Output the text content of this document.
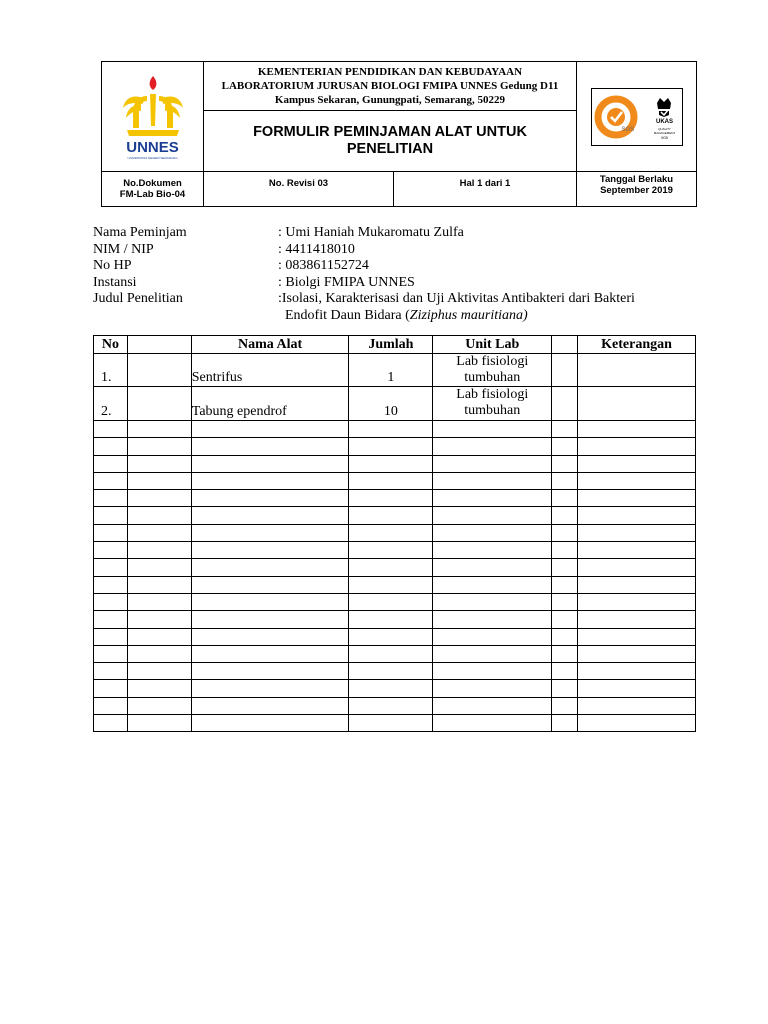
UNNES
UNIVERSITAS NEGERI SEMARANG
KEMENTERIAN PENDIDIKAN DAN KEBUDAYAAN
LABORATORIUM JURUSAN BIOLOGI FMIPA UNNES Gedung D11
Kampus Sekaran, Gunungpati, Semarang, 50229
FORMULIR PEMINJAMAN ALAT UNTUK
PENELITIAN
SGS
UKAS
QUALITY MANAGEMENT
005
No.Dokumen
FM-Lab Bio-04
No. Revisi 03	Hal 1 dari 1	Tanggal Berlaku
September 2019
Nama Peminjam	: Umi Haniah Mukaromatu Zulfa
NIM / NIP	: 4411418010
No HP	: 083861152724
Instansi	: Biolgi FMIPA UNNES
Judul Penelitian	:Isolasi, Karakterisasi dan Uji Aktivitas Antibakteri dari Bakteri
Endofit Daun Bidara (Ziziphus mauritiana)
No		Nama Alat	Jumlah	Unit Lab		Keterangan
1.		Sentrifus	1	Lab fisiologi
tumbuhan		

2.		Tabung ependrof	10	Lab fisiologi
tumbuhan		
